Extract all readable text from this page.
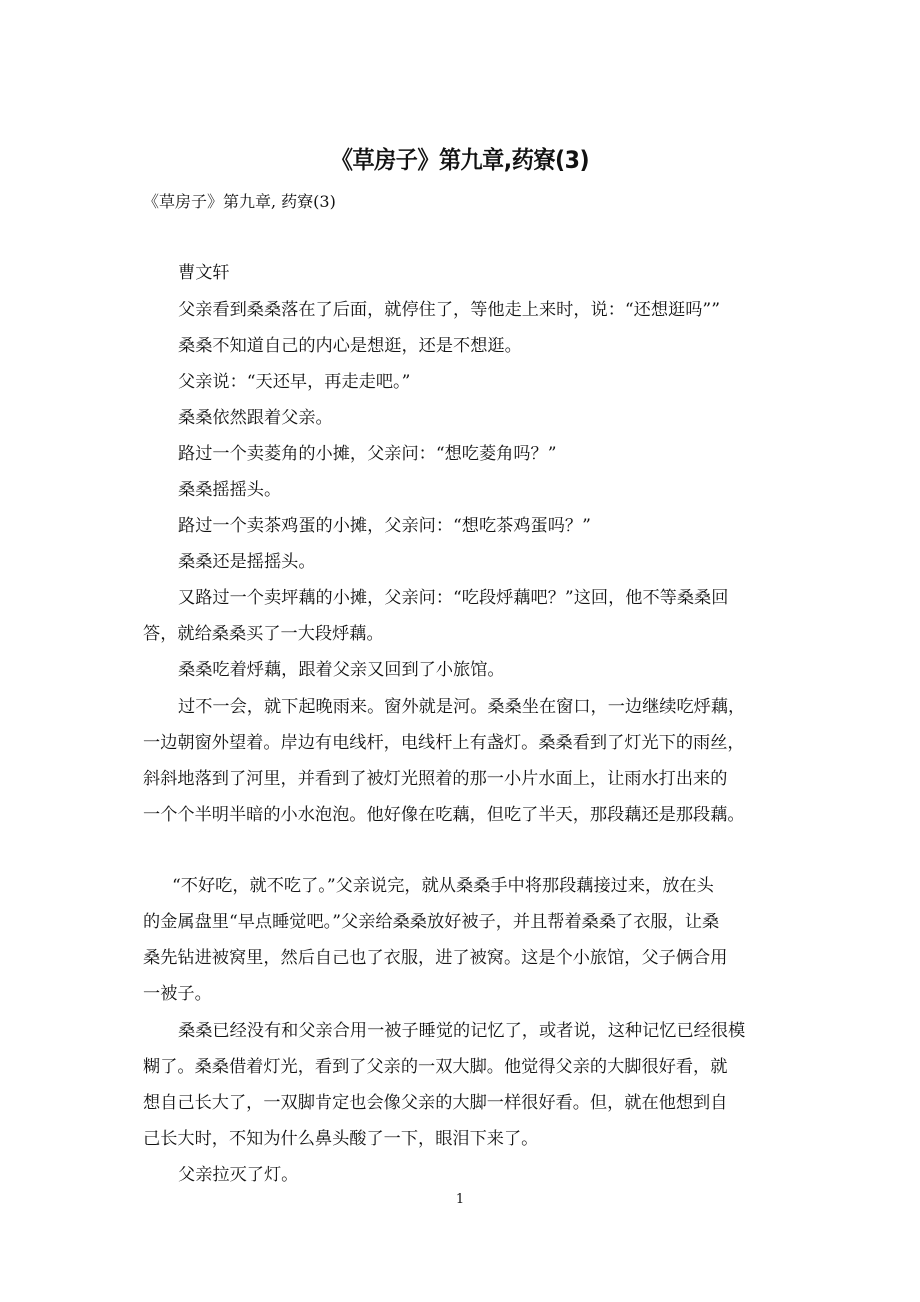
《草房子》第九章,药寮(3)
《草房子》第九章, 药寮(3)
曹文轩
父亲看到桑桑落在了后面，就停住了，等他走上来时，说：“还想逛吗””
桑桑不知道自己的内心是想逛，还是不想逛。
父亲说：“天还早，再走走吧。”
桑桑依然跟着父亲。
路过一个卖菱角的小摊，父亲问：“想吃菱角吗？”
桑桑摇摇头。
路过一个卖茶鸡蛋的小摊，父亲问：“想吃茶鸡蛋吗？”
桑桑还是摇摇头。
又路过一个卖坪藕的小摊，父亲问：“吃段烀藕吧？”这回，他不等桑桑回
答，就给桑桑买了一大段烀藕。
桑桑吃着烀藕，跟着父亲又回到了小旅馆。
过不一会，就下起晚雨来。窗外就是河。桑桑坐在窗口，一边继续吃烀藕，
一边朝窗外望着。岸边有电线杆，电线杆上有盏灯。桑桑看到了灯光下的雨丝，
斜斜地落到了河里，并看到了被灯光照着的那一小片水面上，让雨水打出来的
一个个半明半暗的小水泡泡。他好像在吃藕，但吃了半天，那段藕还是那段藕。
“不好吃，就不吃了。”父亲说完，就从桑桑手中将那段藕接过来，放在头
的金属盘里“早点睡觉吧。”父亲给桑桑放好被子，并且帮着桑桑了衣服，让桑
桑先钻进被窝里，然后自己也了衣服，进了被窝。这是个小旅馆，父子俩合用
一被子。
桑桑已经没有和父亲合用一被子睡觉的记忆了，或者说，这种记忆已经很模
糊了。桑桑借着灯光，看到了父亲的一双大脚。他觉得父亲的大脚很好看，就
想自己长大了，一双脚肯定也会像父亲的大脚一样很好看。但，就在他想到自
己长大时，不知为什么鼻头酸了一下，眼泪下来了。
父亲拉灭了灯。
1
